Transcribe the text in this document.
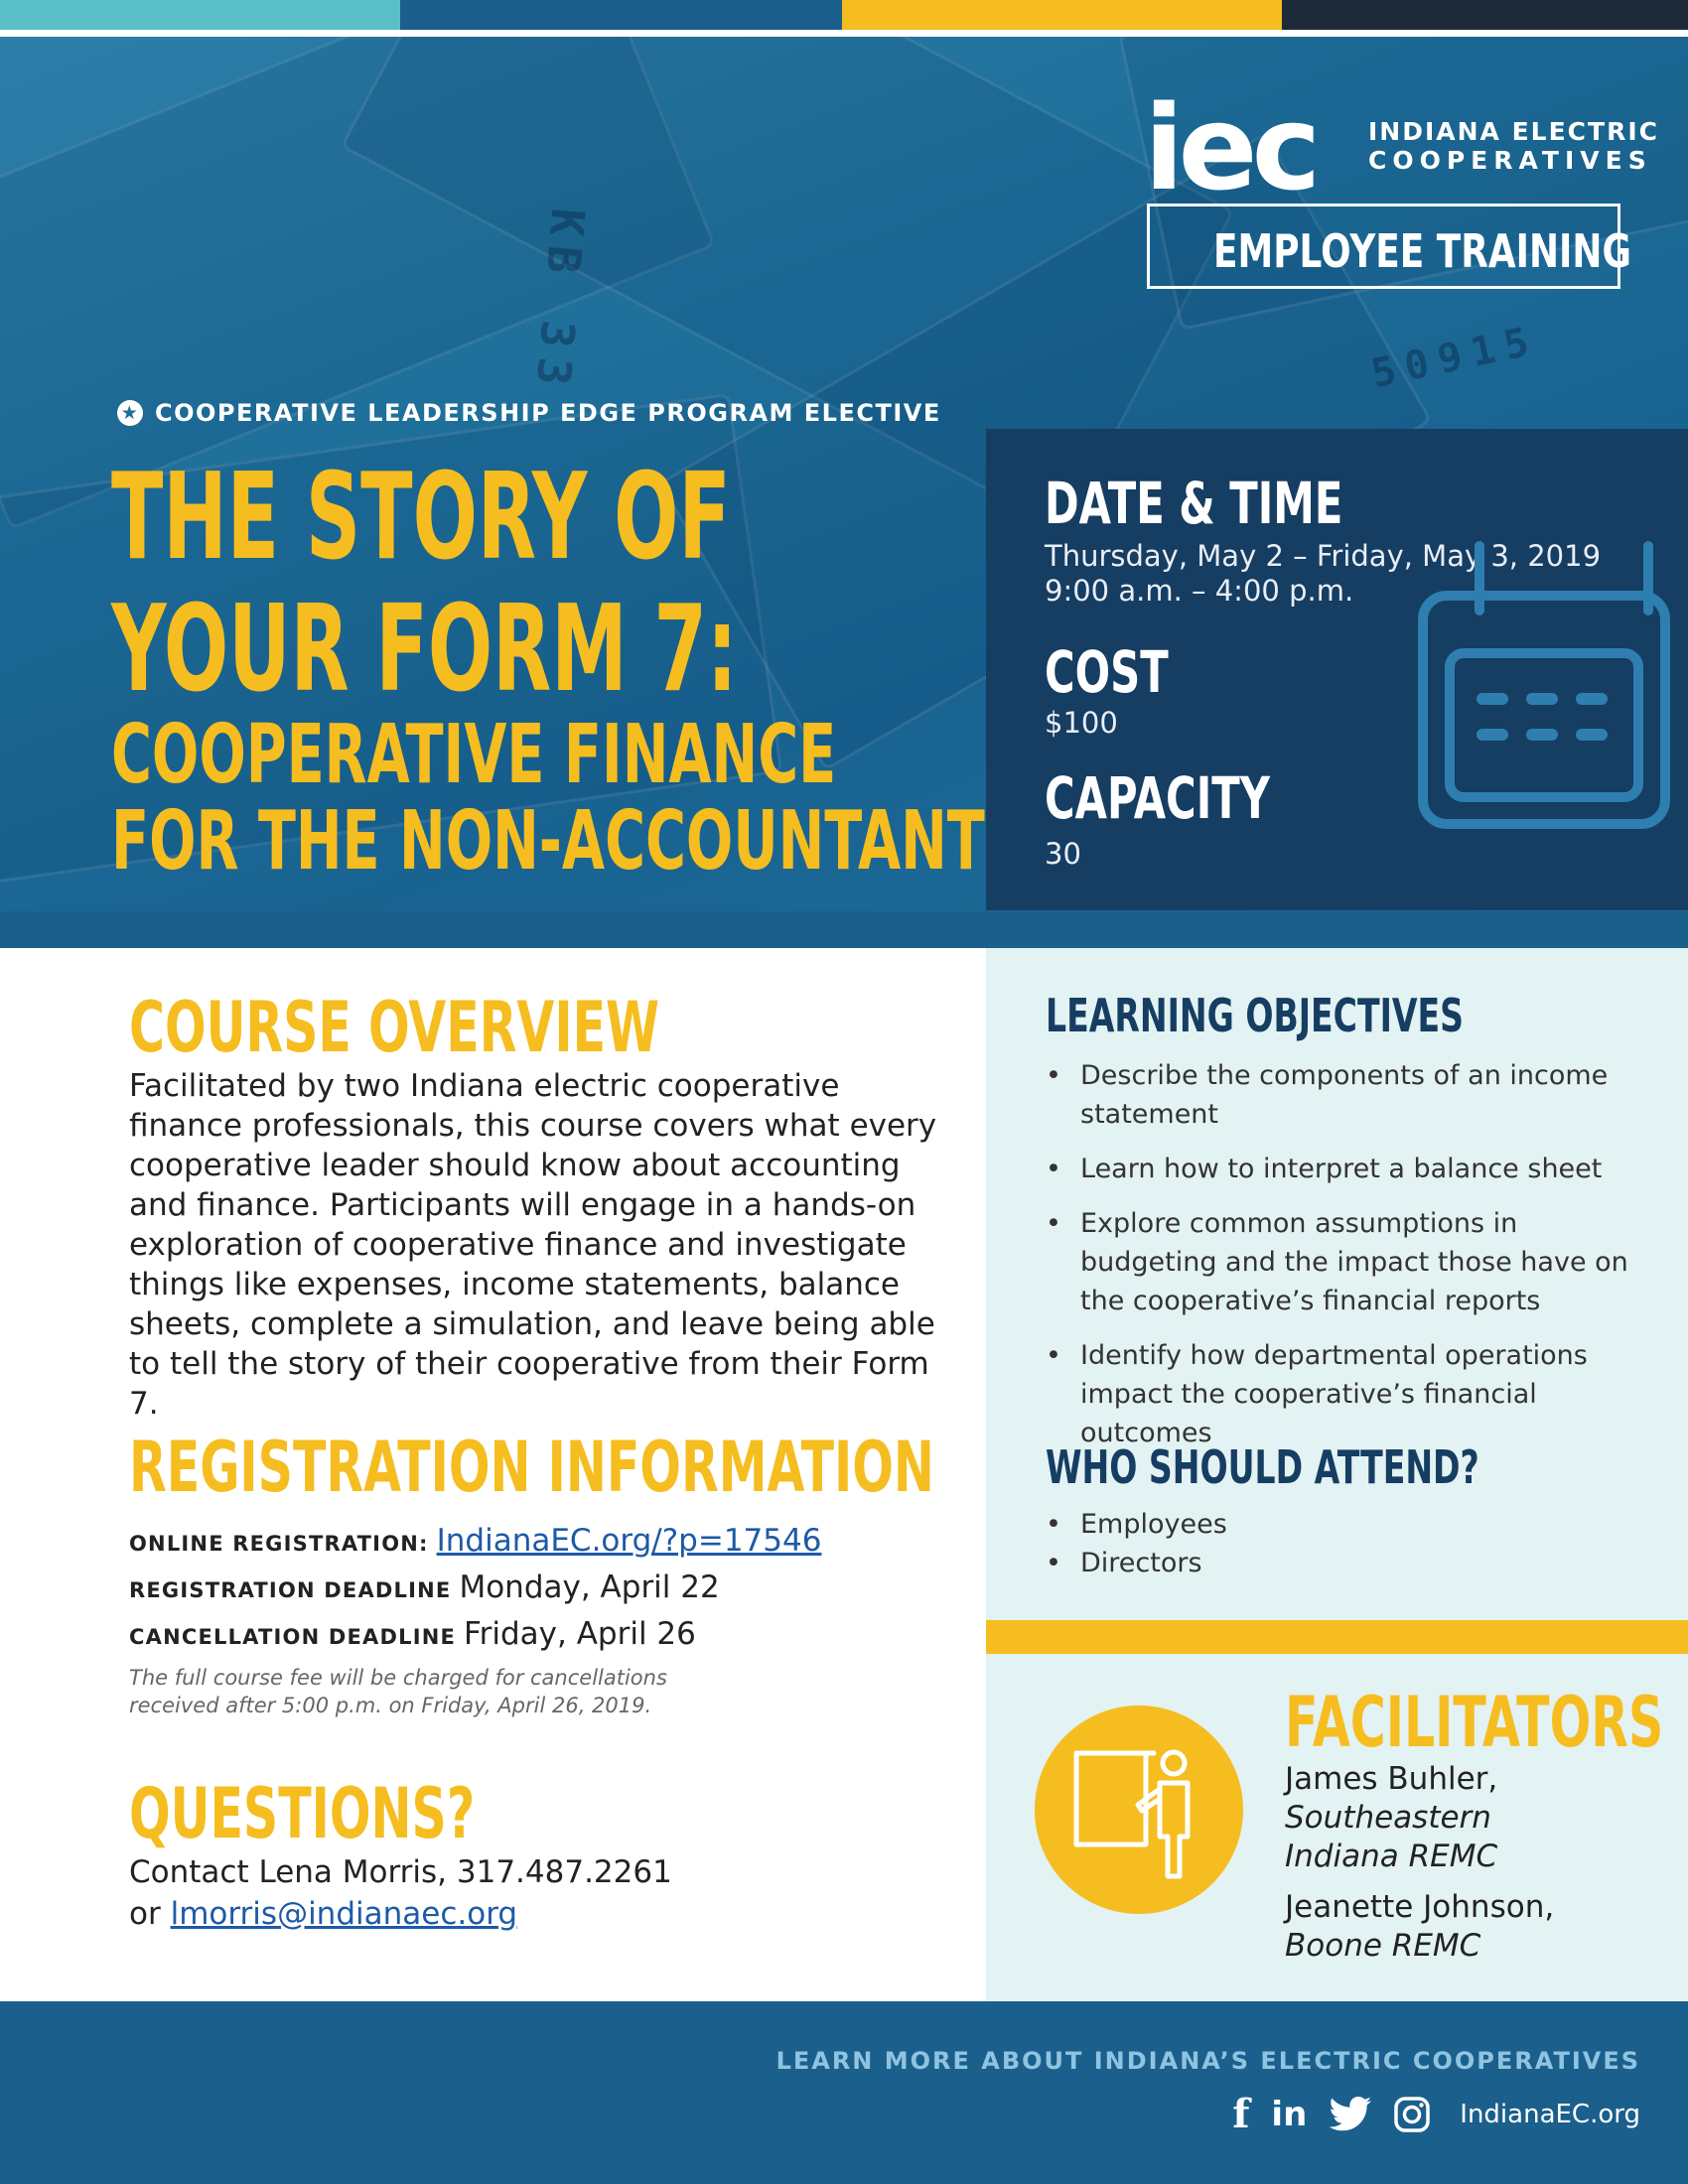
KB 33	50915
iec INDIANA ELECTRIC
COOPERATIVES
EMPLOYEE TRAINING
★ COOPERATIVE LEADERSHIP EDGE PROGRAM ELECTIVE
THE STORY OF
YOUR FORM 7:
COOPERATIVE FINANCE
FOR THE NON-ACCOUNTANT
DATE & TIME
Thursday, May 2 – Friday, May 3, 2019
9:00 a.m. – 4:00 p.m.
COST
$100
CAPACITY
30
COURSE OVERVIEW
Facilitated by two Indiana electric cooperative finance professionals, this course covers what every cooperative leader should know about accounting and finance. Participants will engage in a hands-on exploration of cooperative finance and investigate things like expenses, income statements, balance sheets, complete a simulation, and leave being able to tell the story of their cooperative from their Form 7.
REGISTRATION INFORMATION
ONLINE REGISTRATION: IndianaEC.org/?p=17546
REGISTRATION DEADLINE Monday, April 22
CANCELLATION DEADLINE Friday, April 26
The full course fee will be charged for cancellations
received after 5:00 p.m. on Friday, April 26, 2019.
QUESTIONS?
Contact Lena Morris, 317.487.2261
or lmorris@indianaec.org
LEARNING OBJECTIVES
• Describe the components of an income statement
• Learn how to interpret a balance sheet
• Explore common assumptions in budgeting and the impact those have on the cooperative’s financial reports
• Identify how departmental operations impact the cooperative’s financial outcomes
WHO SHOULD ATTEND?
• Employees
• Directors
FACILITATORS
James Buhler,
Southeastern
Indiana REMC
Jeanette Johnson,
Boone REMC
LEARN MORE ABOUT INDIANA’S ELECTRIC COOPERATIVES
f in	IndianaEC.org
